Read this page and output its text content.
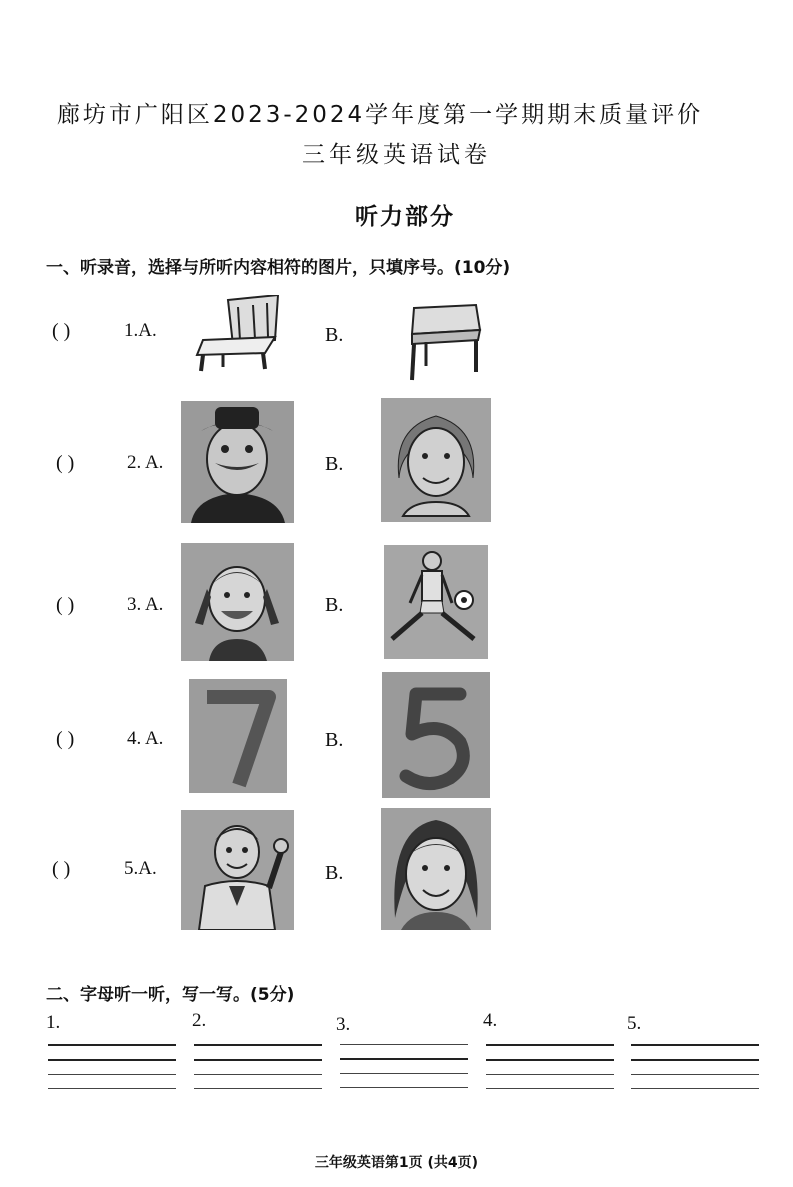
廊坊市广阳区2023-2024学年度第一学期期末质量评价
三年级英语试卷
听力部分
一、听录音，选择与所听内容相符的图片，只填序号。(10分)
( )	1.A.	B.
( )	2. A.	B.
( )	3. A.	B.
( )	4. A.	B.
( )	5.A.	B.
二、字母听一听，写一写。(5分)
1.	2.	3.	4.	5.
三年级英语第1页 (共4页)
